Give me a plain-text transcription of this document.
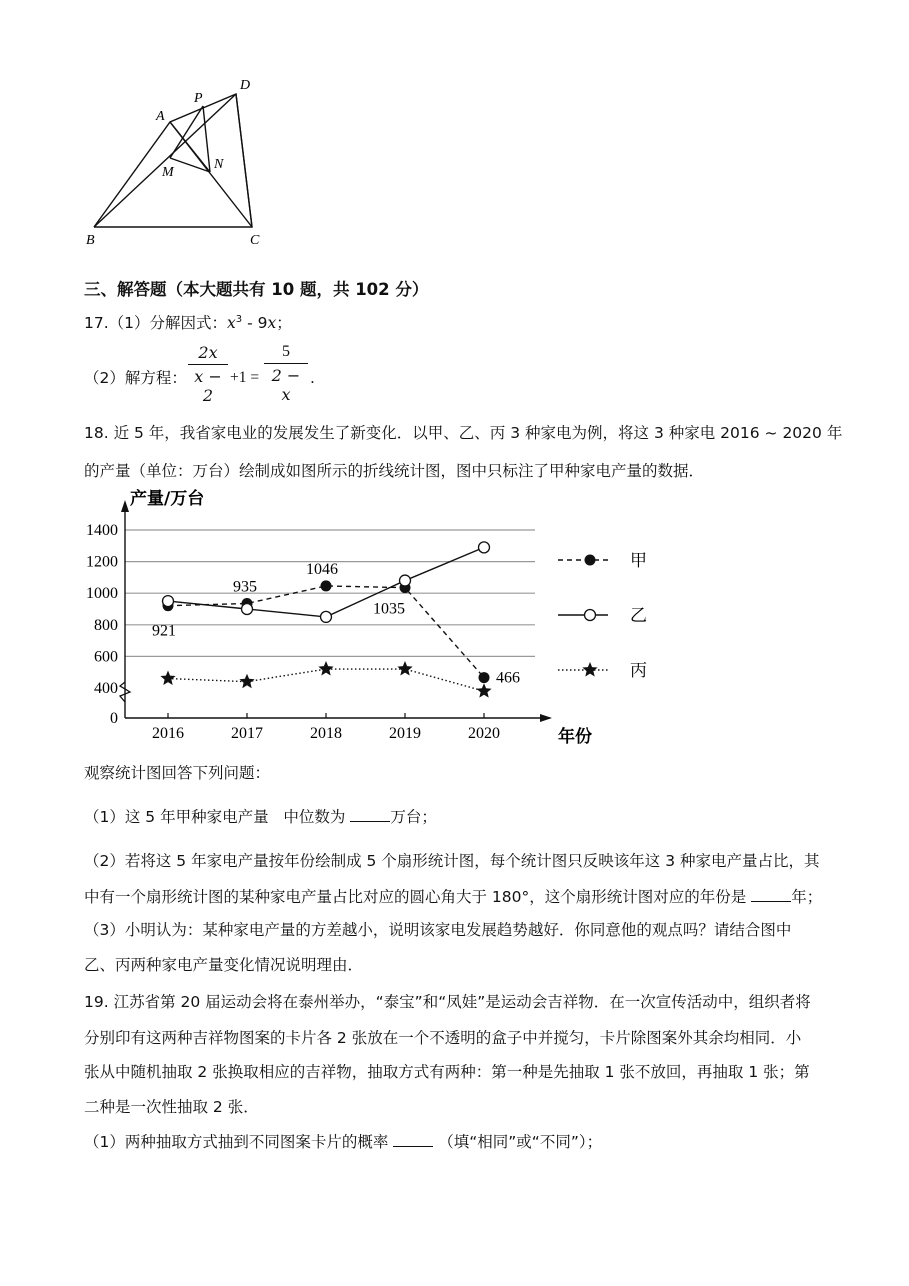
A
P
D
M
N
B	C
三、解答题（本大题共有 10 题，共 102 分）
17.（1）分解因式：$x^3 - 9x$；
（2）解方程：
2x
x − 2
+1 =
5
2 − x
.
18. 近 5 年，我省家电业的发展发生了新变化．以甲、乙、丙 3 种家电为例，将这 3 种家电 2016 ~ 2020 年
的产量（单位：万台）绘制成如图所示的折线统计图，图中只标注了甲种家电产量的数据．
2016	2017	2018	2019	2020
0
400
600
800
1000
1200
1400
产量/万台
年份
甲
乙
丙
921
935
1046
1035
466
观察统计图回答下列问题：
（1）这 5 年甲种家电产量 中位数为	万台；
（2）若将这 5 年家电产量按年份绘制成 5 个扇形统计图，每个统计图只反映该年这 3 种家电产量占比，其
中有一个扇形统计图的某种家电产量占比对应的圆心角大于 180°，这个扇形统计图对应的年份是	年；
（3）小明认为：某种家电产量的方差越小，说明该家电发展趋势越好．你同意他的观点吗？请结合图中
乙、丙两种家电产量变化情况说明理由．
19. 江苏省第 20 届运动会将在泰州举办，“泰宝”和“凤娃”是运动会吉祥物．在一次宣传活动中，组织者将
分别印有这两种吉祥物图案的卡片各 2 张放在一个不透明的盒子中并搅匀，卡片除图案外其余均相同．小
张从中随机抽取 2 张换取相应的吉祥物，抽取方式有两种：第一种是先抽取 1 张不放回，再抽取 1 张；第
二种是一次性抽取 2 张．
（1）两种抽取方式抽到不同图案卡片的概率	（填“相同”或“不同”）；
